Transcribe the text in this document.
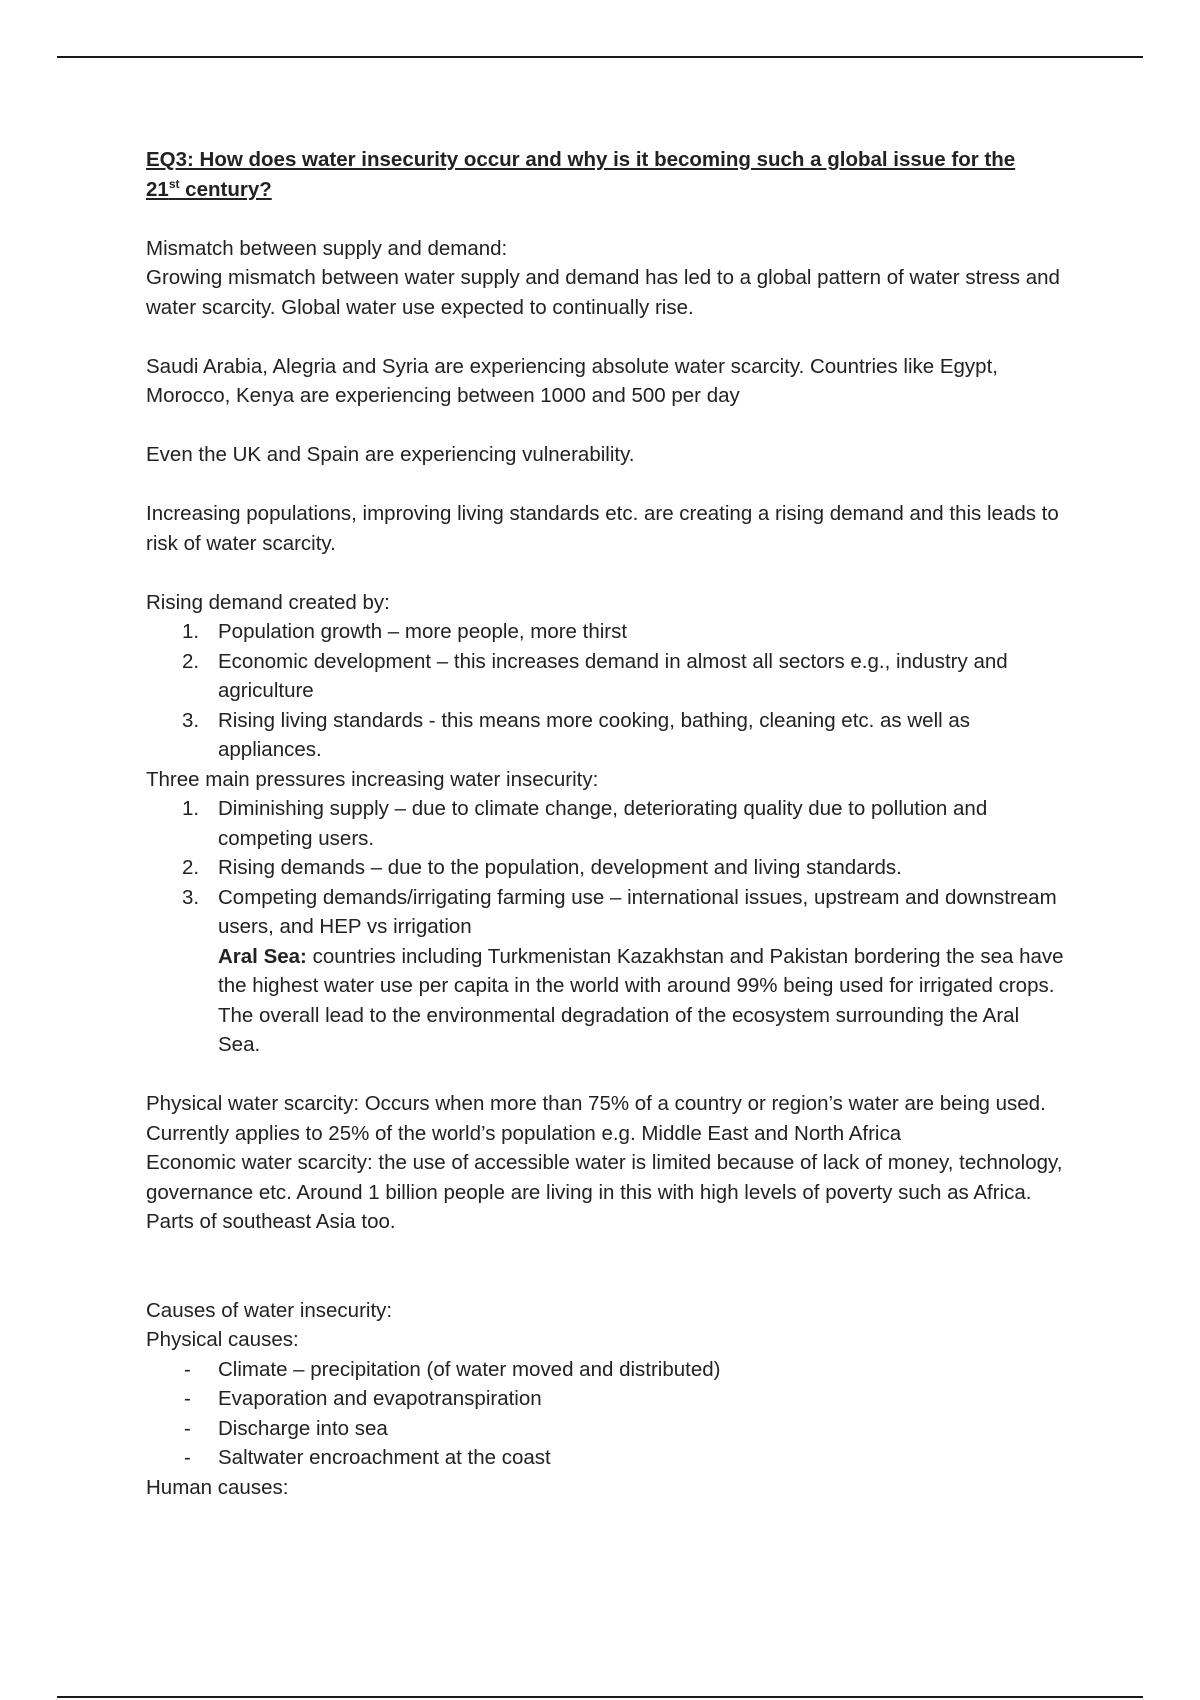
EQ3: How does water insecurity occur and why is it becoming such a global issue for the
21st century?

Mismatch between supply and demand:

Growing mismatch between water supply and demand has led to a global pattern of water stress and water scarcity. Global water use expected to continually rise.

Saudi Arabia, Alegria and Syria are experiencing absolute water scarcity. Countries like Egypt, Morocco, Kenya are experiencing between 1000 and 500 per day

Even the UK and Spain are experiencing vulnerability.

Increasing populations, improving living standards etc. are creating a rising demand and this leads to risk of water scarcity.

Rising demand created by:

1. Population growth – more people, more thirst
2. Economic development – this increases demand in almost all sectors e.g., industry and agriculture
3. Rising living standards - this means more cooking, bathing, cleaning etc. as well as appliances.

Three main pressures increasing water insecurity:

1. Diminishing supply – due to climate change, deteriorating quality due to pollution and competing users.
2. Rising demands – due to the population, development and living standards.
3. Competing demands/irrigating farming use – international issues, upstream and downstream users, and HEP vs irrigation
Aral Sea: countries including Turkmenistan Kazakhstan and Pakistan bordering the sea have the highest water use per capita in the world with around 99% being used for irrigated crops. The overall lead to the environmental degradation of the ecosystem surrounding the Aral Sea.

Physical water scarcity: Occurs when more than 75% of a country or region’s water are being used. Currently applies to 25% of the world’s population e.g. Middle East and North Africa

Economic water scarcity: the use of accessible water is limited because of lack of money, technology, governance etc. Around 1 billion people are living in this with high levels of poverty such as Africa. Parts of southeast Asia too.

Causes of water insecurity:

Physical causes:

- Climate – precipitation (of water moved and distributed)
- Evaporation and evapotranspiration
- Discharge into sea
- Saltwater encroachment at the coast

Human causes:
